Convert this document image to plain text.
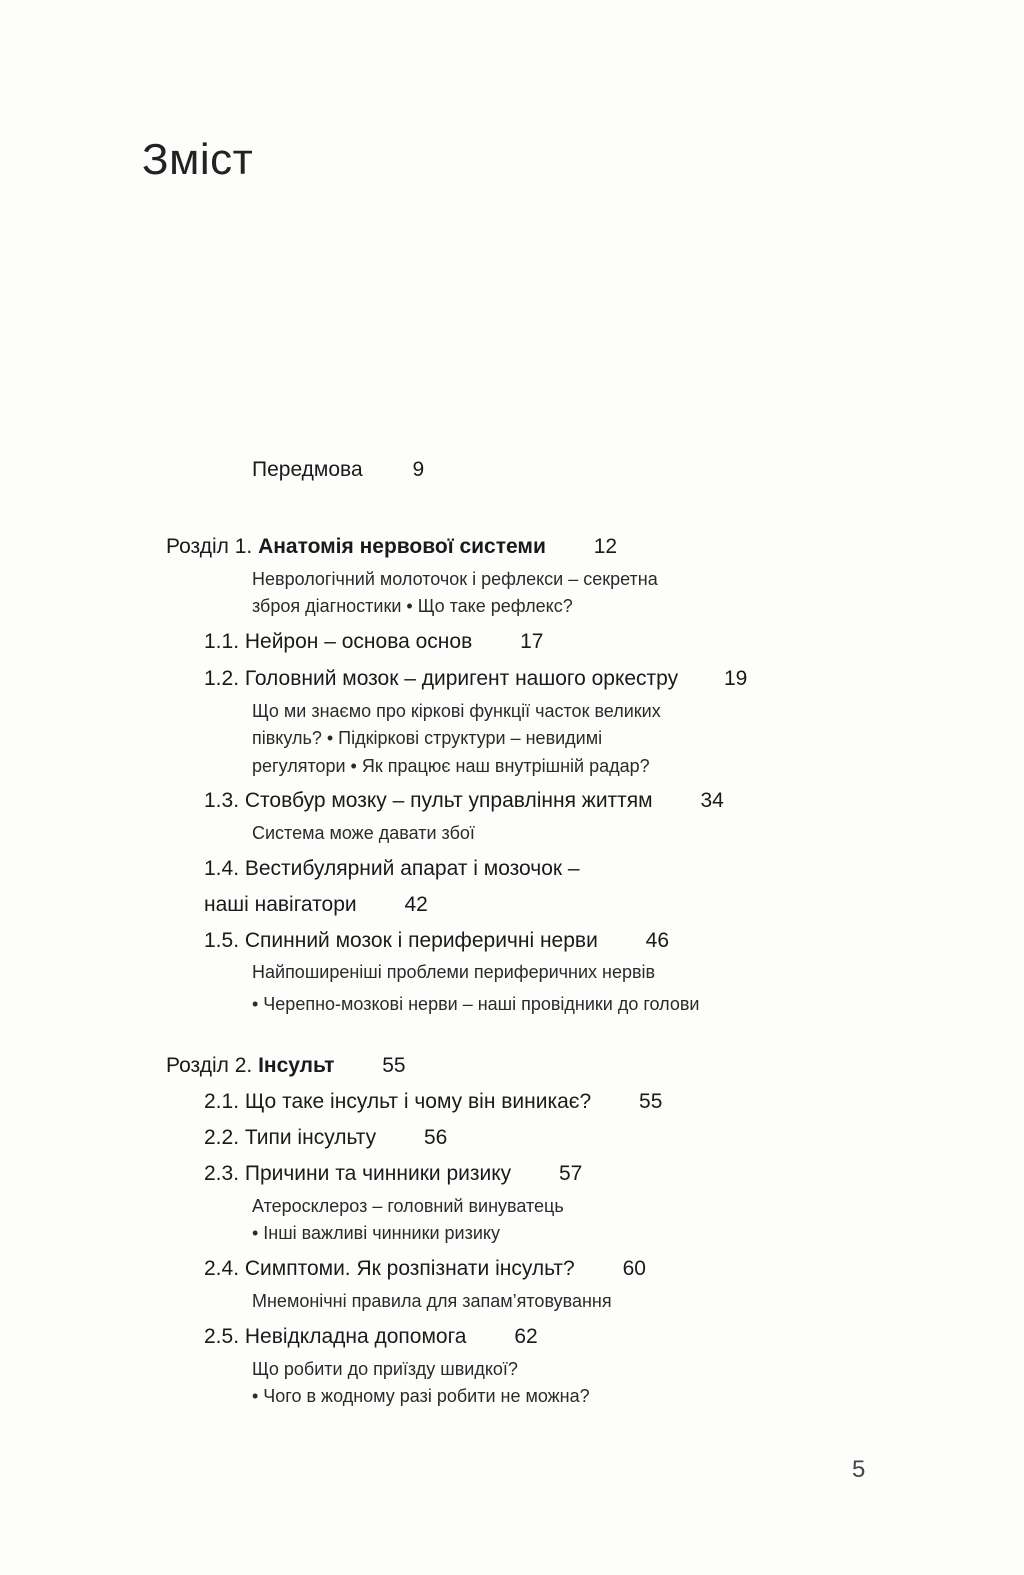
Зміст
Передмова 9
Розділ 1. Анатомія нервової системи 12
Неврологічний молоточок і рефлекси – секретна
зброя діагностики • Що таке рефлекс?
1.1. Нейрон – основа основ 17
1.2. Головний мозок – диригент нашого оркестру 19
Що ми знаємо про кіркові функції часток великих
півкуль? • Підкіркові структури – невидимі
регулятори • Як працює наш внутрішній радар?
1.3. Стовбур мозку – пульт управління життям 34
Система може давати збої
1.4. Вестибулярний апарат і мозочок –
наші навігатори 42
1.5. Спинний мозок і периферичні нерви 46
Найпоширеніші проблеми периферичних нервів
• Черепно-мозкові нерви – наші провідники до голови
Розділ 2. Інсульт 55
2.1. Що таке інсульт і чому він виникає? 55
2.2. Типи інсульту 56
2.3. Причини та чинники ризику 57
Атеросклероз – головний винуватець
• Інші важливі чинники ризику
2.4. Симптоми. Як розпізнати інсульт? 60
Мнемонічні правила для запам’ятовування
2.5. Невідкладна допомога 62
Що робити до приїзду швидкої?
• Чого в жодному разі робити не можна?
5
